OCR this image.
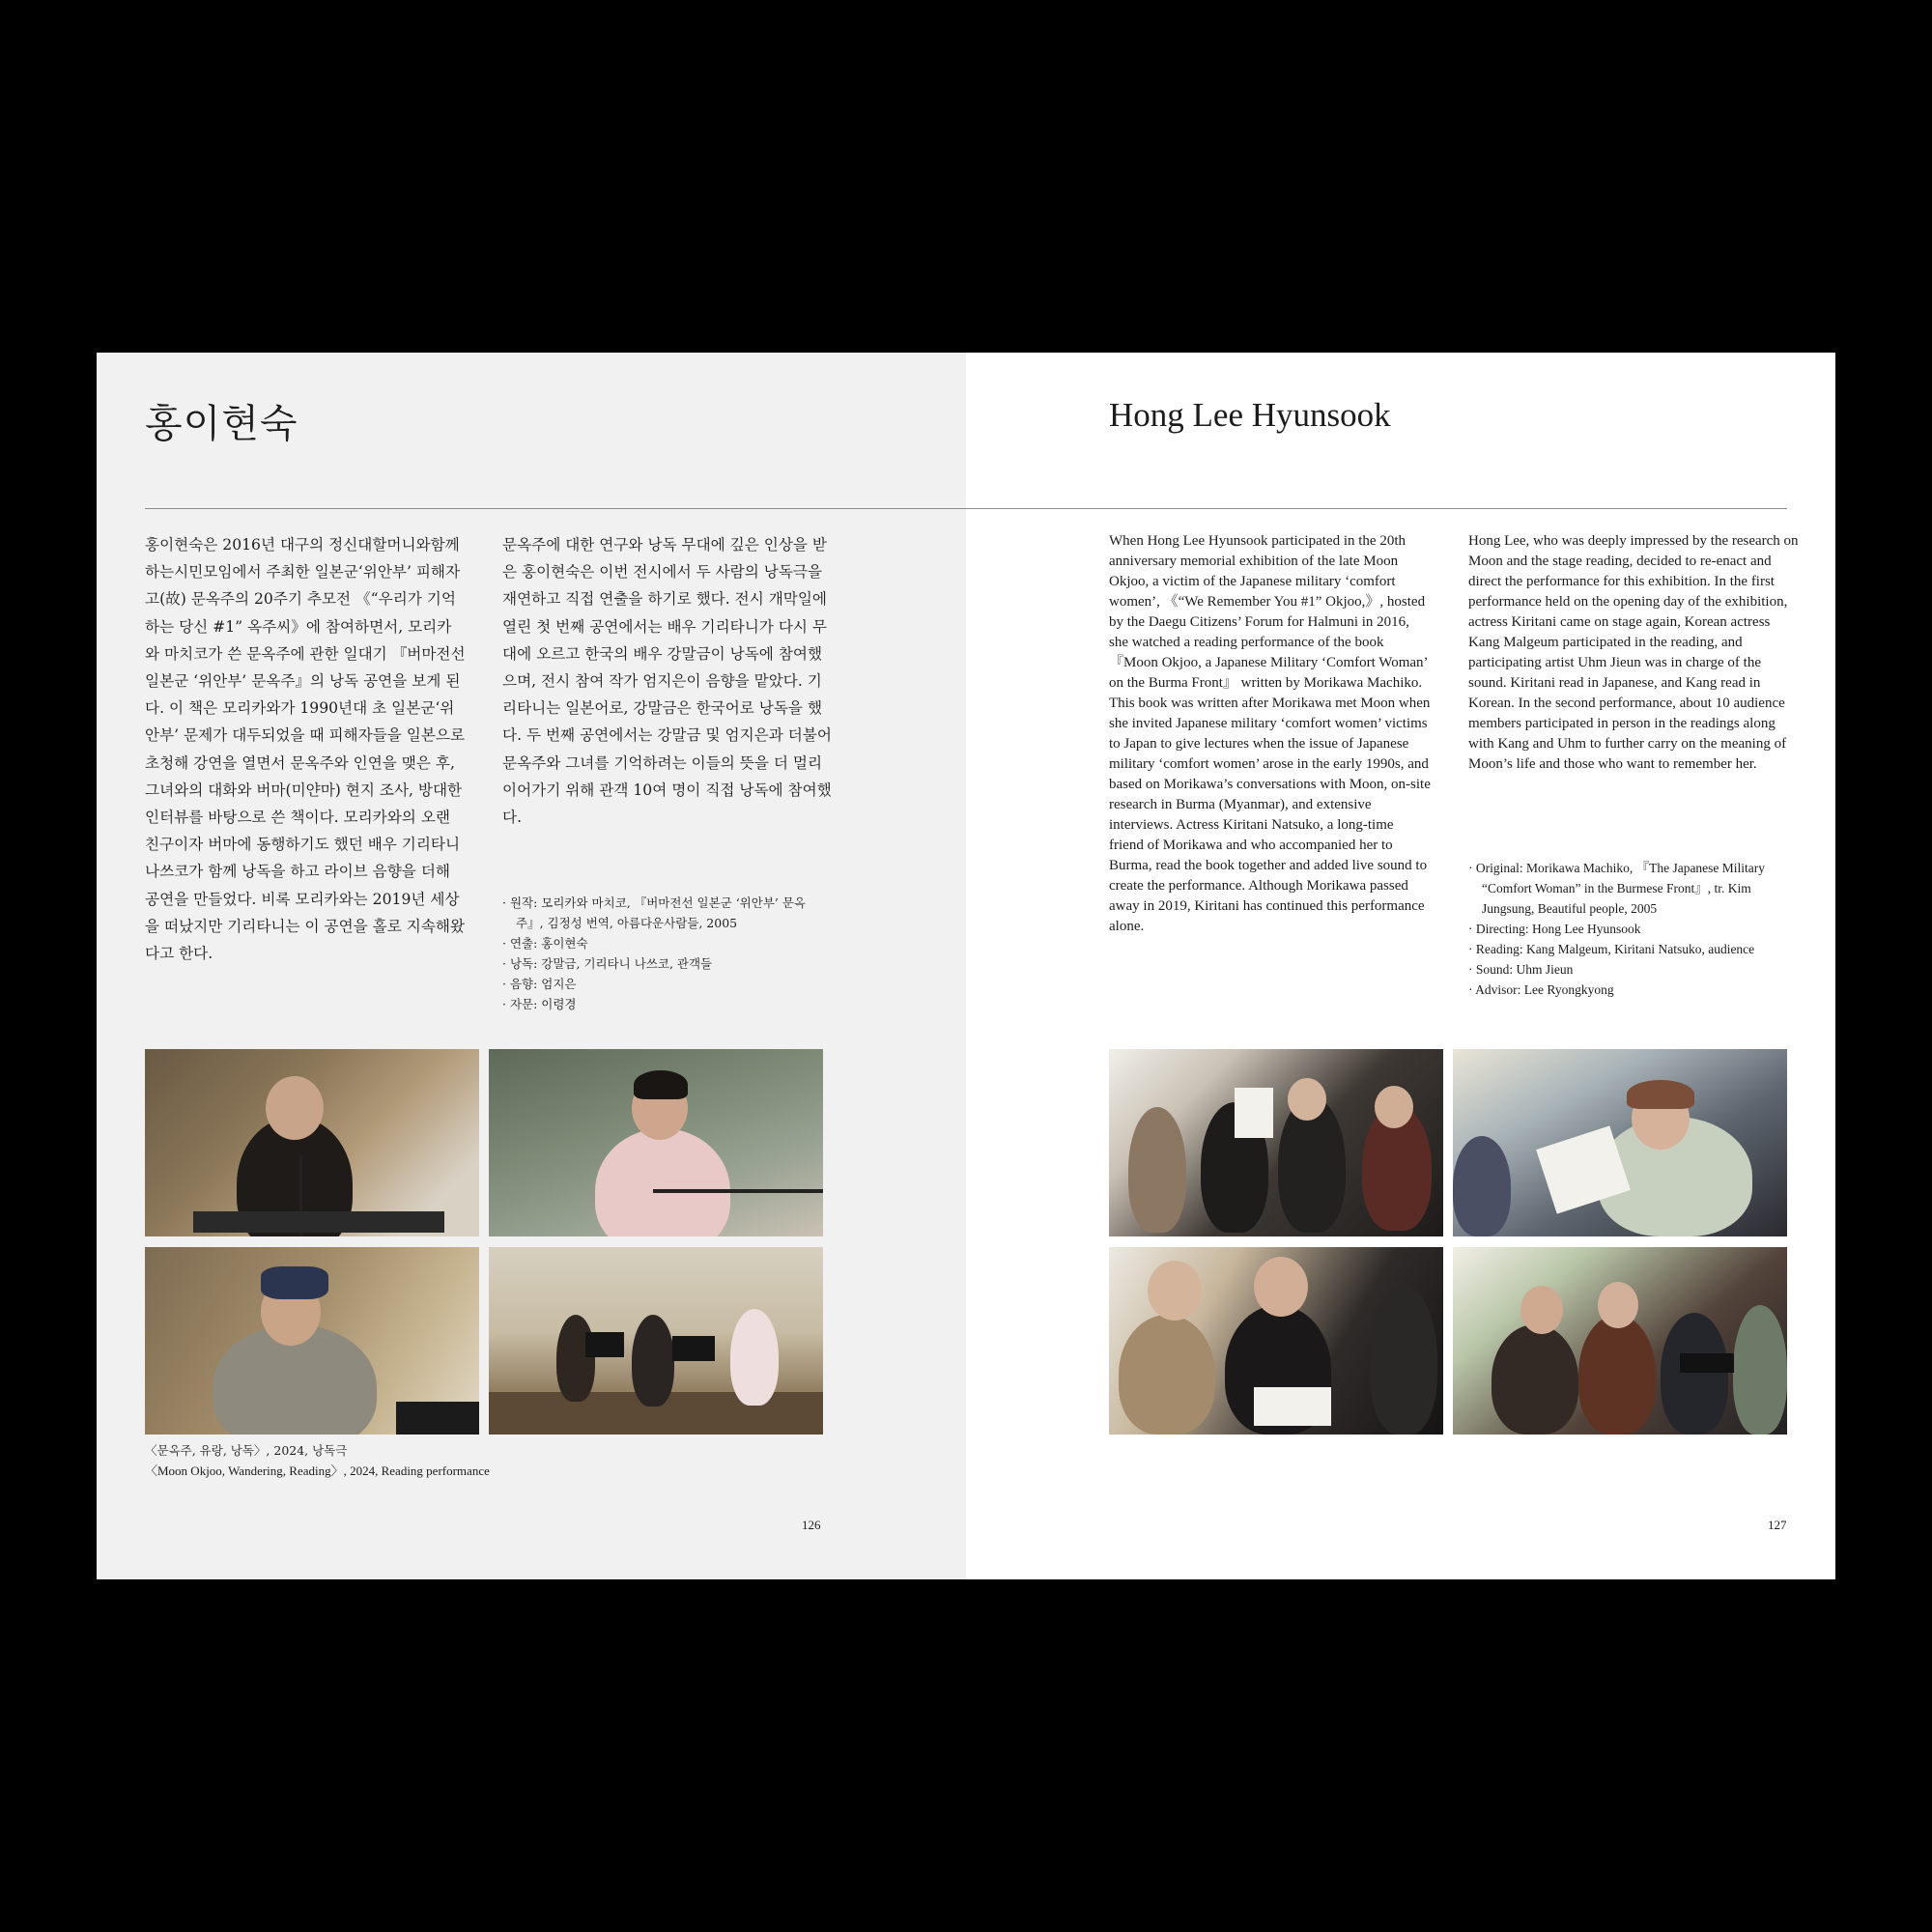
홍이현숙

홍이현숙은 2016년 대구의 정신대할머니와함께하는시민모임에서 주최한 일본군‘위안부’ 피해자 고(故) 문옥주의 20주기 추모전 《“우리가 기억하는 당신 #1” 옥주씨》에 참여하면서, 모리카와 마치코가 쓴 문옥주에 관한 일대기 『버마전선 일본군 ‘위안부’ 문옥주』의 낭독 공연을 보게 된다. 이 책은 모리카와가 1990년대 초 일본군‘위안부’ 문제가 대두되었을 때 피해자들을 일본으로 초청해 강연을 열면서 문옥주와 인연을 맺은 후, 그녀와의 대화와 버마(미얀마) 현지 조사, 방대한 인터뷰를 바탕으로 쓴 책이다. 모리카와의 오랜 친구이자 버마에 동행하기도 했던 배우 기리타니 나쓰코가 함께 낭독을 하고 라이브 음향을 더해 공연을 만들었다. 비록 모리카와는 2019년 세상을 떠났지만 기리타니는 이 공연을 홀로 지속해왔다고 한다.

문옥주에 대한 연구와 낭독 무대에 깊은 인상을 받은 홍이현숙은 이번 전시에서 두 사람의 낭독극을 재연하고 직접 연출을 하기로 했다. 전시 개막일에 열린 첫 번째 공연에서는 배우 기리타니가 다시 무대에 오르고 한국의 배우 강말금이 낭독에 참여했으며, 전시 참여 작가 엄지은이 음향을 맡았다. 기리타니는 일본어로, 강말금은 한국어로 낭독을 했다. 두 번째 공연에서는 강말금 및 엄지은과 더불어 문옥주와 그녀를 기억하려는 이들의 뜻을 더 멀리 이어가기 위해 관객 10여 명이 직접 낭독에 참여했다.

· 원작: 모리카와 마치코, 『버마전선 일본군 ‘위안부’ 문옥주』, 김정성 번역, 아름다운사람들, 2005
· 연출: 홍이현숙
· 낭독: 강말금, 기리타니 나쓰코, 관객들
· 음향: 엄지은
· 자문: 이령경
〈문옥주, 유랑, 낭독〉, 2024, 낭독극
〈Moon Okjoo, Wandering, Reading〉, 2024, Reading performance
126
Hong Lee Hyunsook

When Hong Lee Hyunsook participated in the 20th anniversary memorial exhibition of the late Moon Okjoo, a victim of the Japanese military ‘comfort women’, 《“We Remember You #1” Okjoo,》, hosted by the Daegu Citizens’ Forum for Halmuni in 2016, she watched a reading performance of the book 『Moon Okjoo, a Japanese Military ‘Comfort Woman’ on the Burma Front』 written by Morikawa Machiko. This book was written after Morikawa met Moon when she invited Japanese military ‘comfort women’ victims to Japan to give lectures when the issue of Japanese military ‘comfort women’ arose in the early 1990s, and based on Morikawa’s conversations with Moon, on-site research in Burma (Myanmar), and extensive interviews. Actress Kiritani Natsuko, a long-time friend of Morikawa and who accompanied her to Burma, read the book together and added live sound to create the performance. Although Morikawa passed away in 2019, Kiritani has continued this performance alone.

Hong Lee, who was deeply impressed by the research on Moon and the stage reading, decided to re-enact and direct the performance for this exhibition. In the first performance held on the opening day of the exhibition, actress Kiritani came on stage again, Korean actress Kang Malgeum participated in the reading, and participating artist Uhm Jieun was in charge of the sound. Kiritani read in Japanese, and Kang read in Korean. In the second performance, about 10 audience members participated in person in the readings along with Kang and Uhm to further carry on the meaning of Moon’s life and those who want to remember her.

· Original: Morikawa Machiko, 『The Japanese Military “Comfort Woman” in the Burmese Front』, tr. Kim Jungsung, Beautiful people, 2005
· Directing: Hong Lee Hyunsook
· Reading: Kang Malgeum, Kiritani Natsuko, audience
· Sound: Uhm Jieun
· Advisor: Lee Ryongkyong
127
